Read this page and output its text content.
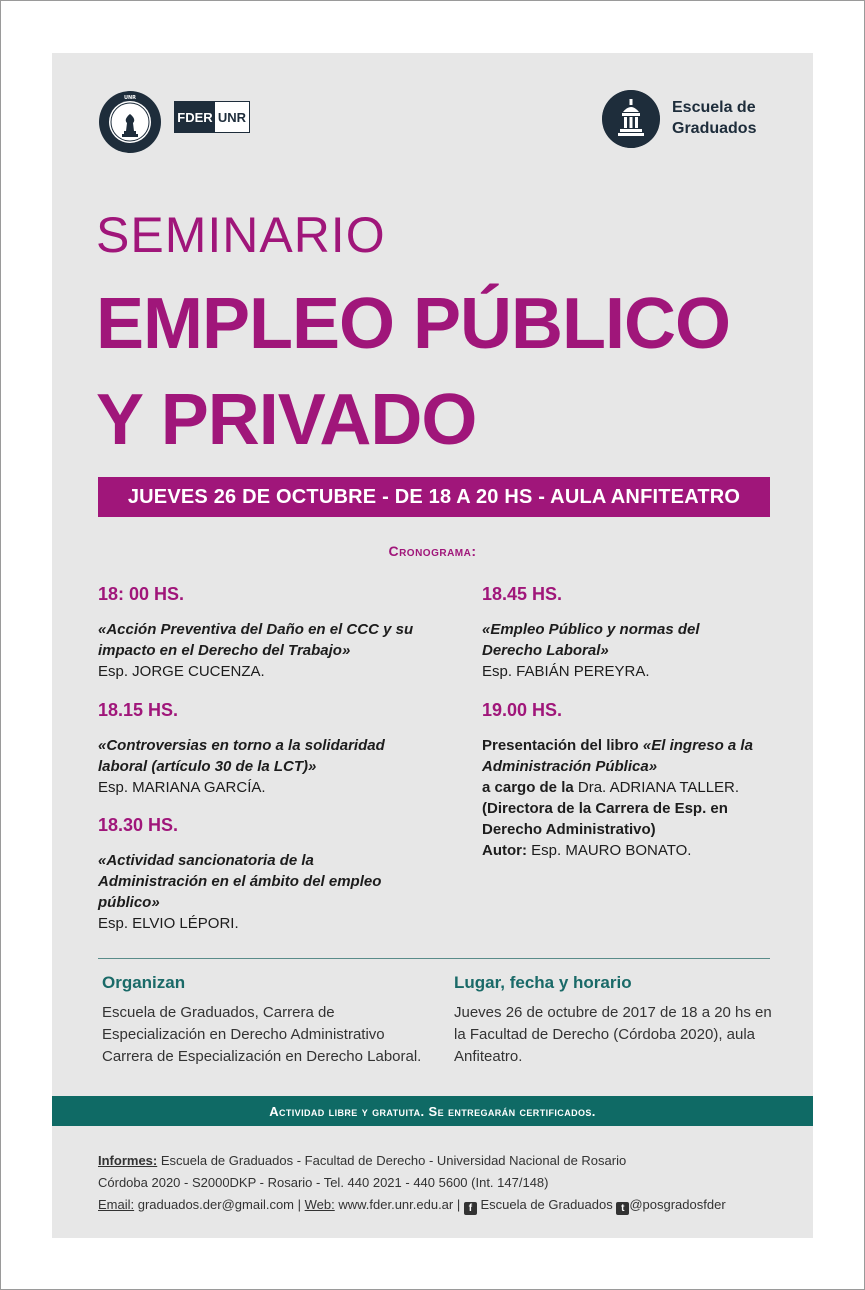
UNR
FDER UNR
Escuela de
Graduados
SEMINARIO
EMPLEO PÚBLICO
Y PRIVADO
JUEVES 26 DE OCTUBRE - DE 18 A 20 HS - AULA ANFITEATRO
Cronograma:
18: 00 HS.
«Acción Preventiva del Daño en el CCC y su impacto en el Derecho del Trabajo»
Esp. JORGE CUCENZA.
18.15 HS.
«Controversias en torno a la solidaridad laboral (artículo 30 de la LCT)»
Esp. MARIANA GARCÍA.
18.30 HS.
«Actividad sancionatoria de la Administración en el ámbito del empleo público»
Esp. ELVIO LÉPORI.
18.45 HS.
«Empleo Público y normas del Derecho Laboral»
Esp. FABIÁN PEREYRA.
19.00 HS.
Presentación del libro «El ingreso a la Administración Pública»
a cargo de la Dra. ADRIANA TALLER.
(Directora de la Carrera de Esp. en Derecho Administrativo)
Autor: Esp. MAURO BONATO.
Organizan
Escuela de Graduados, Carrera de Especialización en Derecho Administrativo Carrera de Especialización en Derecho Laboral.
Lugar, fecha y horario
Jueves 26 de octubre de 2017 de 18 a 20 hs en la Facultad de Derecho (Córdoba 2020), aula Anfiteatro.
Actividad libre y gratuita. Se entregarán certificados.
Informes: Escuela de Graduados - Facultad de Derecho - Universidad Nacional de Rosario
Córdoba 2020 - S2000DKP - Rosario - Tel. 440 2021 - 440 5600 (Int. 147/148)
Email: graduados.der@gmail.com | Web: www.fder.unr.edu.ar | f Escuela de Graduados t @posgradosfder
